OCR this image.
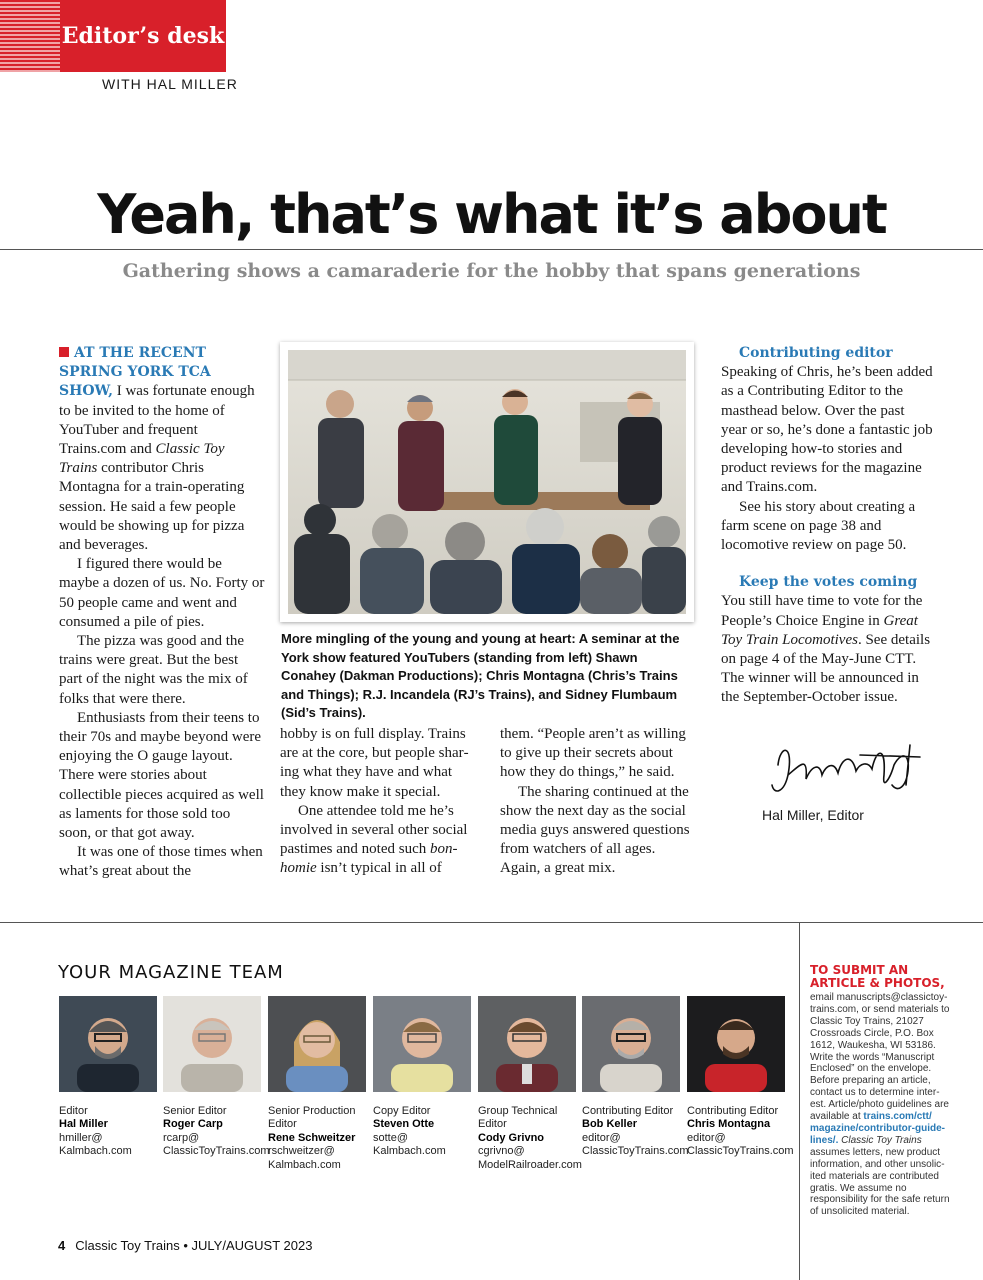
Editor’s desk
WITH HAL MILLER
Yeah, that’s what it’s about
Gathering shows a camaraderie for the hobby that spans generations

AT THE RECENT SPRING YORK TCA SHOW, I was fortunate enough to be invited to the home of YouTuber and frequent Trains.com and Classic Toy Trains contributor Chris Montagna for a train-operating session. He said a few people would be showing up for pizza and beverages.

I figured there would be maybe a dozen of us. No. Forty or 50 people came and went and consumed a pile of pies.

The pizza was good and the trains were great. But the best part of the night was the mix of folks that were there.

Enthusiasts from their teens to their 70s and maybe beyond were enjoying the O gauge layout. There were stories about collectible pieces acquired as well as laments for those sold too soon, or that got away.

It was one of those times when what’s great about the

More mingling of the young and young at heart: A seminar at the York show featured YouTubers (standing from left) Shawn Conahey (Dakman Productions); Chris Montagna (Chris’s Trains and Things); R.J. Incandela (RJ’s Trains), and Sidney Flumbaum (Sid’s Trains).

hobby is on full display. Trains are at the core, but people sharing what they have and what they know make it special.

One attendee told me he’s involved in several other social pastimes and noted such bonhomie isn’t typical in all of

them. “People aren’t as willing to give up their secrets about how they do things,” he said.

The sharing continued at the show the next day as the social media guys answered questions from watchers of all ages. Again, a great mix.

Contributing editor

Speaking of Chris, he’s been added as a Contributing Editor to the masthead below. Over the past year or so, he’s done a fantastic job developing how-to stories and product reviews for the magazine and Trains.com.

See his story about creating a farm scene on page 38 and locomotive review on page 50.

Keep the votes coming

You still have time to vote for the People’s Choice Engine in Great Toy Train Locomotives. See details on page 4 of the May-June CTT. The winner will be announced in the September-October issue.

Hal Miller, Editor
YOUR MAGAZINE TEAM
Editor
Hal Miller
hmiller@
Kalmbach.com
Senior Editor
Roger Carp
rcarp@
ClassicToyTrains.com
Senior Production Editor
Rene Schweitzer
rschweitzer@
Kalmbach.com
Copy Editor
Steven Otte
sotte@
Kalmbach.com
Group Technical Editor
Cody Grivno
cgrivno@
ModelRailroader.com
Contributing Editor
Bob Keller
editor@
ClassicToyTrains.com
Contributing Editor
Chris Montagna
editor@
ClassicToyTrains.com
TO SUBMIT AN ARTICLE & PHOTOS,
email manuscripts@classictoytrains.com, or send materials to Classic Toy Trains, 21027 Crossroads Circle, P.O. Box 1612, Waukesha, WI 53186. Write the words “Manuscript Enclosed” on the envelope. Before preparing an article, contact us to determine interest. Article/photo guidelines are available at trains.com/ctt/ magazine/contributor-guidelines/. Classic Toy Trains assumes letters, new product information, and other unsolicited materials are contributed gratis. We assume no responsibility for the safe return of unsolicited material.
4 Classic Toy Trains • JULY/AUGUST 2023
